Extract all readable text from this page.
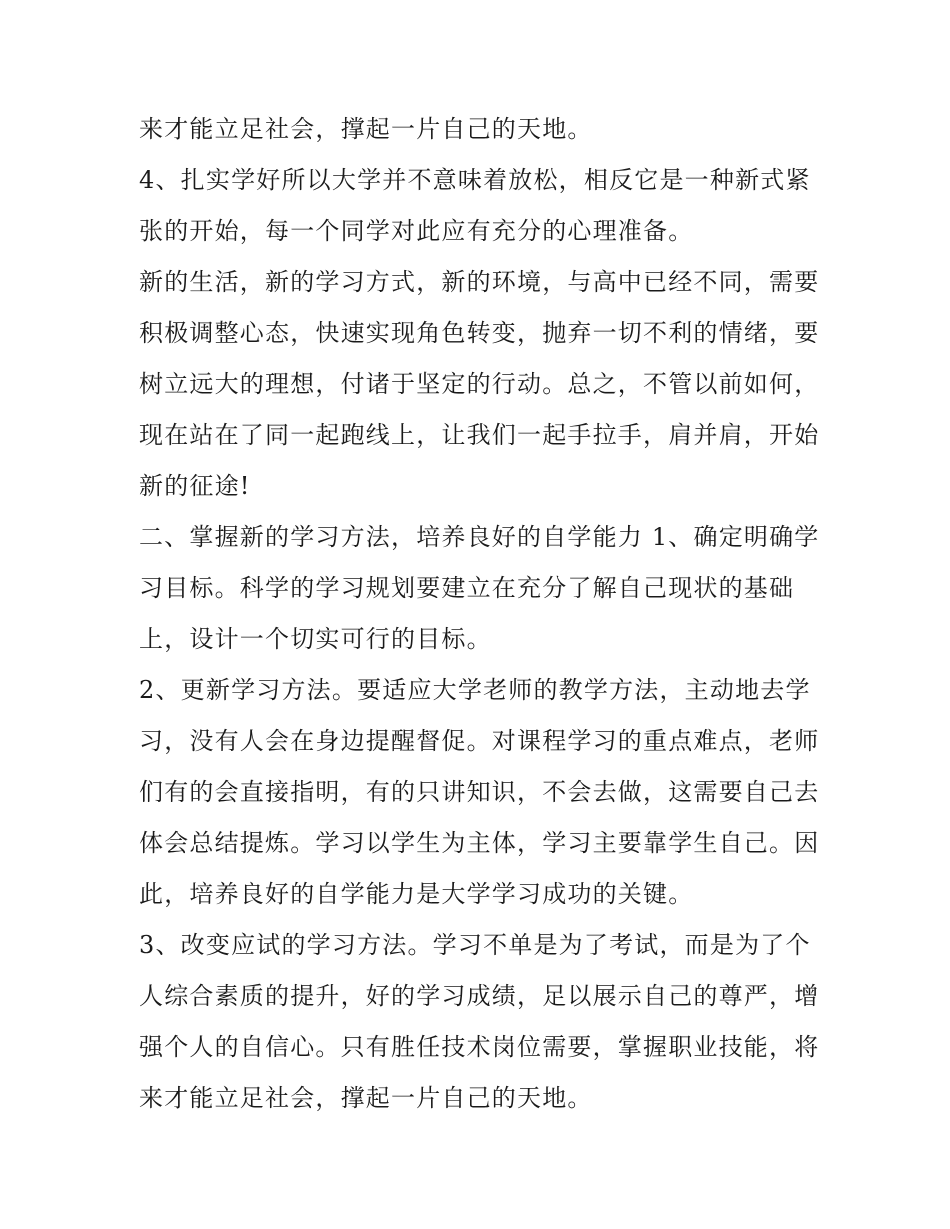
来才能立足社会，撑起一片自己的天地。

4、扎实学好所以大学并不意味着放松，相反它是一种新式紧
张的开始，每一个同学对此应有充分的心理准备。

新的生活，新的学习方式，新的环境，与高中已经不同，需要
积极调整心态，快速实现角色转变，抛弃一切不利的情绪，要
树立远大的理想，付诸于坚定的行动。总之，不管以前如何，
现在站在了同一起跑线上，让我们一起手拉手，肩并肩，开始
新的征途!

二、掌握新的学习方法，培养良好的自学能力 1、确定明确学
习目标。科学的学习规划要建立在充分了解自己现状的基础
上，设计一个切实可行的目标。

2、更新学习方法。要适应大学老师的教学方法，主动地去学
习，没有人会在身边提醒督促。对课程学习的重点难点，老师
们有的会直接指明，有的只讲知识，不会去做，这需要自己去
体会总结提炼。学习以学生为主体，学习主要靠学生自己。因
此，培养良好的自学能力是大学学习成功的关键。

3、改变应试的学习方法。学习不单是为了考试，而是为了个
人综合素质的提升，好的学习成绩，足以展示自己的尊严，增
强个人的自信心。只有胜任技术岗位需要，掌握职业技能，将
来才能立足社会，撑起一片自己的天地。
